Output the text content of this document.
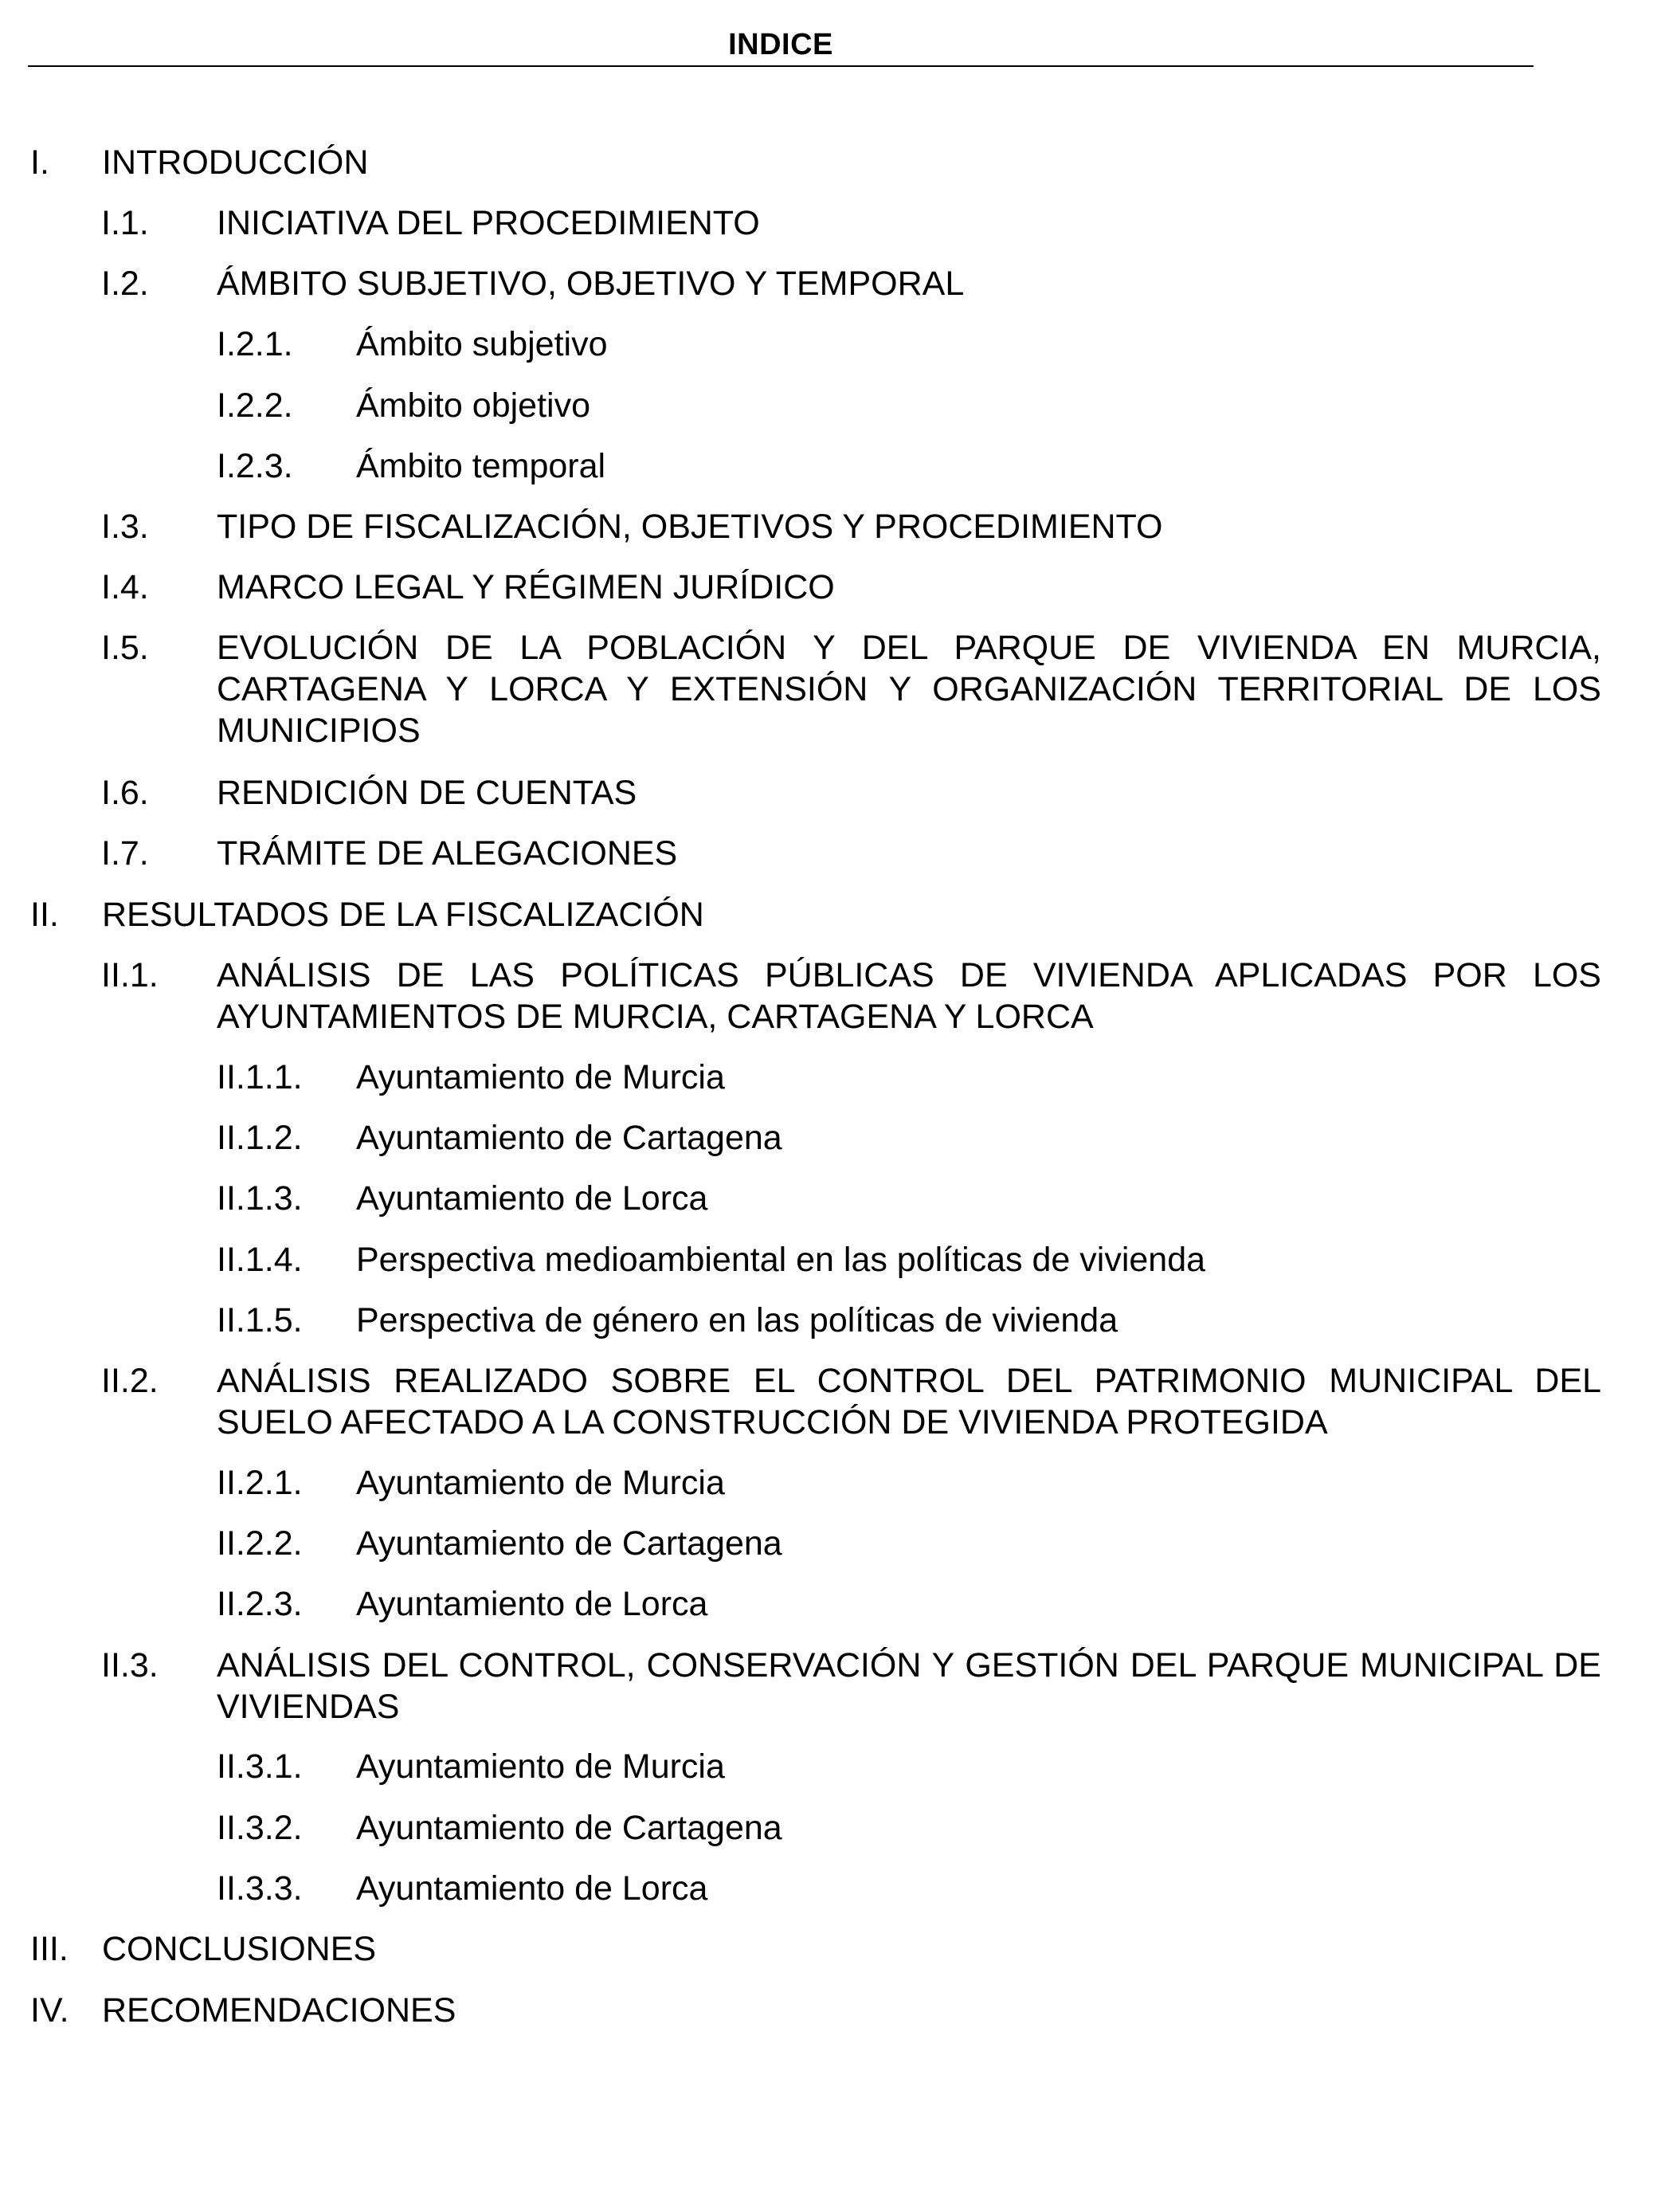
INDICE
I. INTRODUCCIÓN
I.1. INICIATIVA DEL PROCEDIMIENTO
I.2. ÁMBITO SUBJETIVO, OBJETIVO Y TEMPORAL
I.2.1. Ámbito subjetivo
I.2.2. Ámbito objetivo
I.2.3. Ámbito temporal
I.3. TIPO DE FISCALIZACIÓN, OBJETIVOS Y PROCEDIMIENTO
I.4. MARCO LEGAL Y RÉGIMEN JURÍDICO
I.5. EVOLUCIÓN DE LA POBLACIÓN Y DEL PARQUE DE VIVIENDA EN MURCIA, CARTAGENA Y LORCA Y EXTENSIÓN Y ORGANIZACIÓN TERRITORIAL DE LOS MUNICIPIOS
I.6. RENDICIÓN DE CUENTAS
I.7. TRÁMITE DE ALEGACIONES
II. RESULTADOS DE LA FISCALIZACIÓN
II.1. ANÁLISIS DE LAS POLÍTICAS PÚBLICAS DE VIVIENDA APLICADAS POR LOS AYUNTAMIENTOS DE MURCIA, CARTAGENA Y LORCA
II.1.1. Ayuntamiento de Murcia
II.1.2. Ayuntamiento de Cartagena
II.1.3. Ayuntamiento de Lorca
II.1.4. Perspectiva medioambiental en las políticas de vivienda
II.1.5. Perspectiva de género en las políticas de vivienda
II.2. ANÁLISIS REALIZADO SOBRE EL CONTROL DEL PATRIMONIO MUNICIPAL DEL SUELO AFECTADO A LA CONSTRUCCIÓN DE VIVIENDA PROTEGIDA
II.2.1. Ayuntamiento de Murcia
II.2.2. Ayuntamiento de Cartagena
II.2.3. Ayuntamiento de Lorca
II.3. ANÁLISIS DEL CONTROL, CONSERVACIÓN Y GESTIÓN DEL PARQUE MUNICIPAL DE VIVIENDAS
II.3.1. Ayuntamiento de Murcia
II.3.2. Ayuntamiento de Cartagena
II.3.3. Ayuntamiento de Lorca
III. CONCLUSIONES
IV. RECOMENDACIONES
